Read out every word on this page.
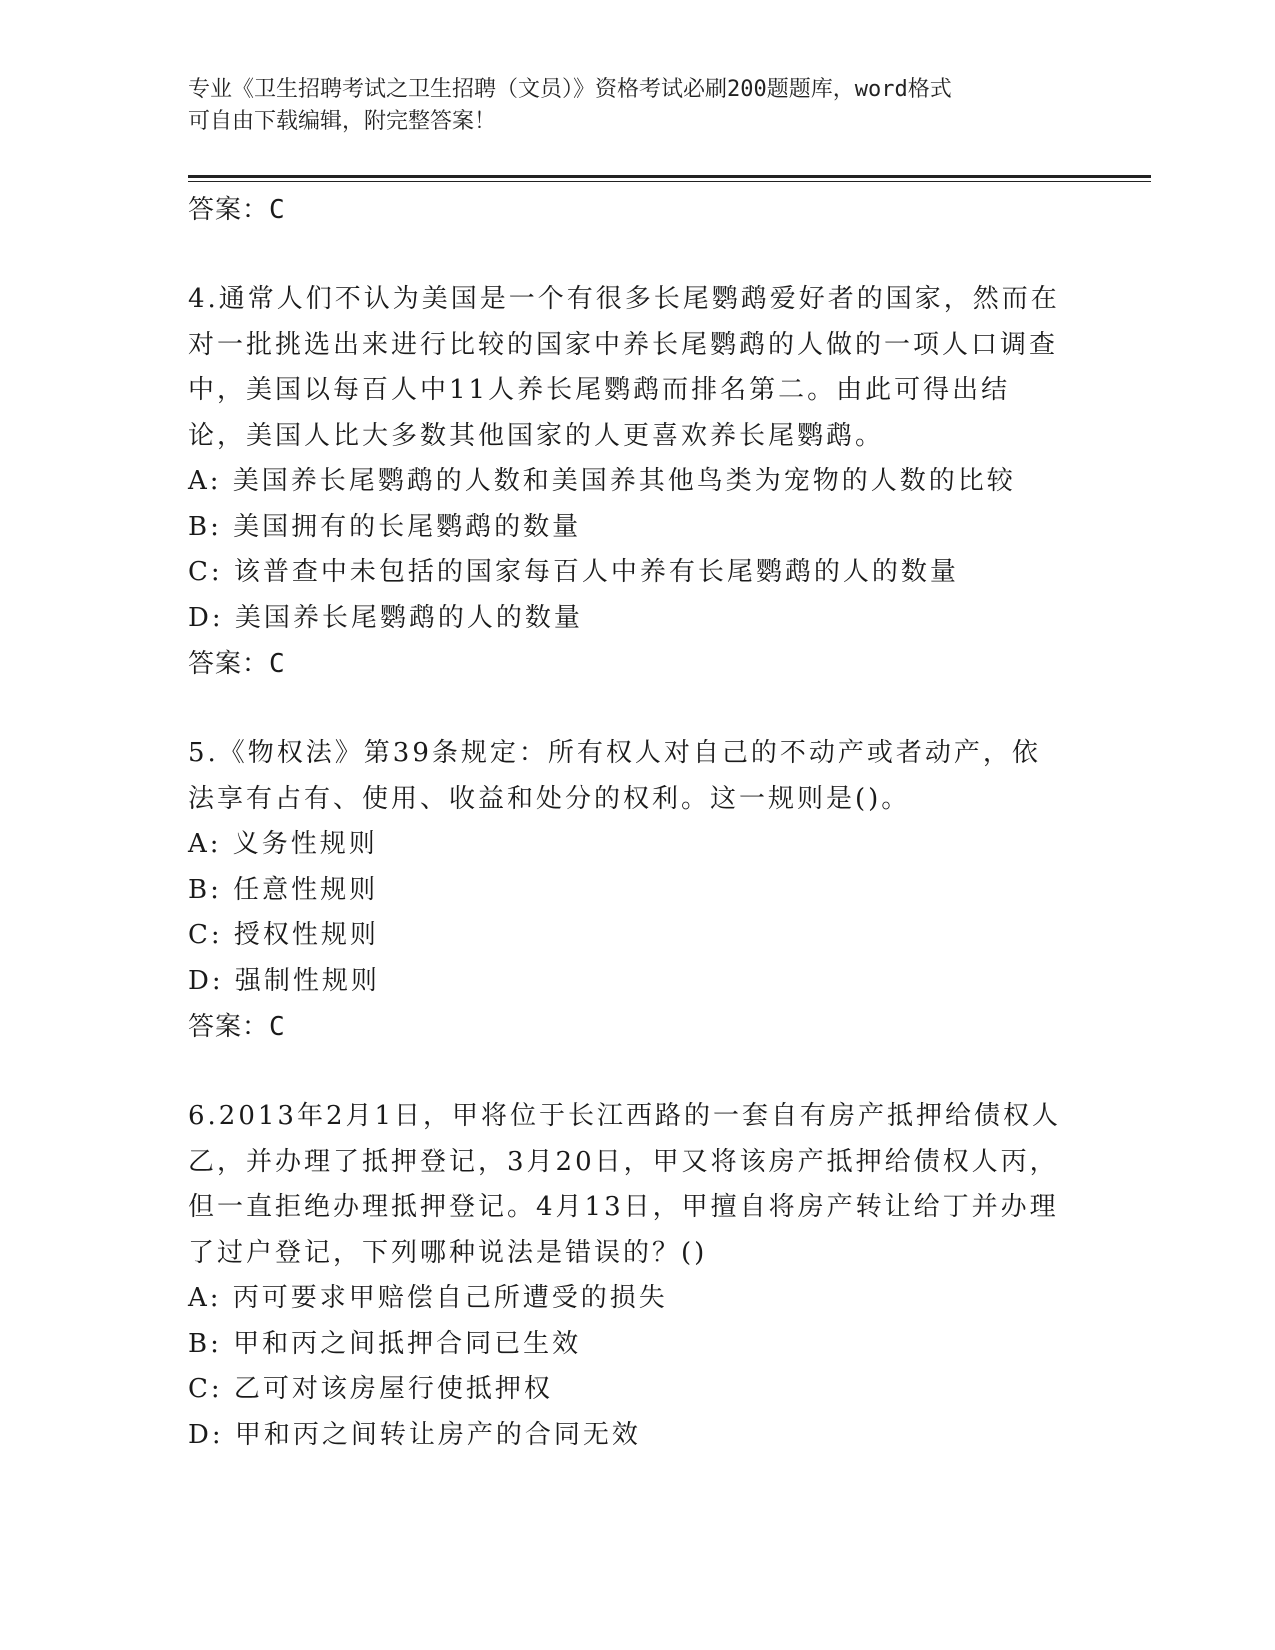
专业《卫生招聘考试之卫生招聘（文员）》资格考试必刷200题题库，word格式
可自由下载编辑，附完整答案！
答案：C
4.通常人们不认为美国是一个有很多长尾鹦鹉爱好者的国家，然而在对一批挑选出来进行比较的国家中养长尾鹦鹉的人做的一项人口调查中，美国以每百人中11人养长尾鹦鹉而排名第二。由此可得出结论，美国人比大多数其他国家的人更喜欢养长尾鹦鹉。
A: 美国养长尾鹦鹉的人数和美国养其他鸟类为宠物的人数的比较
B: 美国拥有的长尾鹦鹉的数量
C: 该普查中未包括的国家每百人中养有长尾鹦鹉的人的数量
D: 美国养长尾鹦鹉的人的数量
答案：C
5.《物权法》第39条规定：所有权人对自己的不动产或者动产，依法享有占有、使用、收益和处分的权利。这一规则是()。
A: 义务性规则
B: 任意性规则
C: 授权性规则
D: 强制性规则
答案：C
6.2013年2月1日，甲将位于长江西路的一套自有房产抵押给债权人乙，并办理了抵押登记，3月20日，甲又将该房产抵押给债权人丙，但一直拒绝办理抵押登记。4月13日，甲擅自将房产转让给丁并办理了过户登记，下列哪种说法是错误的？()
A: 丙可要求甲赔偿自己所遭受的损失
B: 甲和丙之间抵押合同已生效
C: 乙可对该房屋行使抵押权
D: 甲和丙之间转让房产的合同无效
